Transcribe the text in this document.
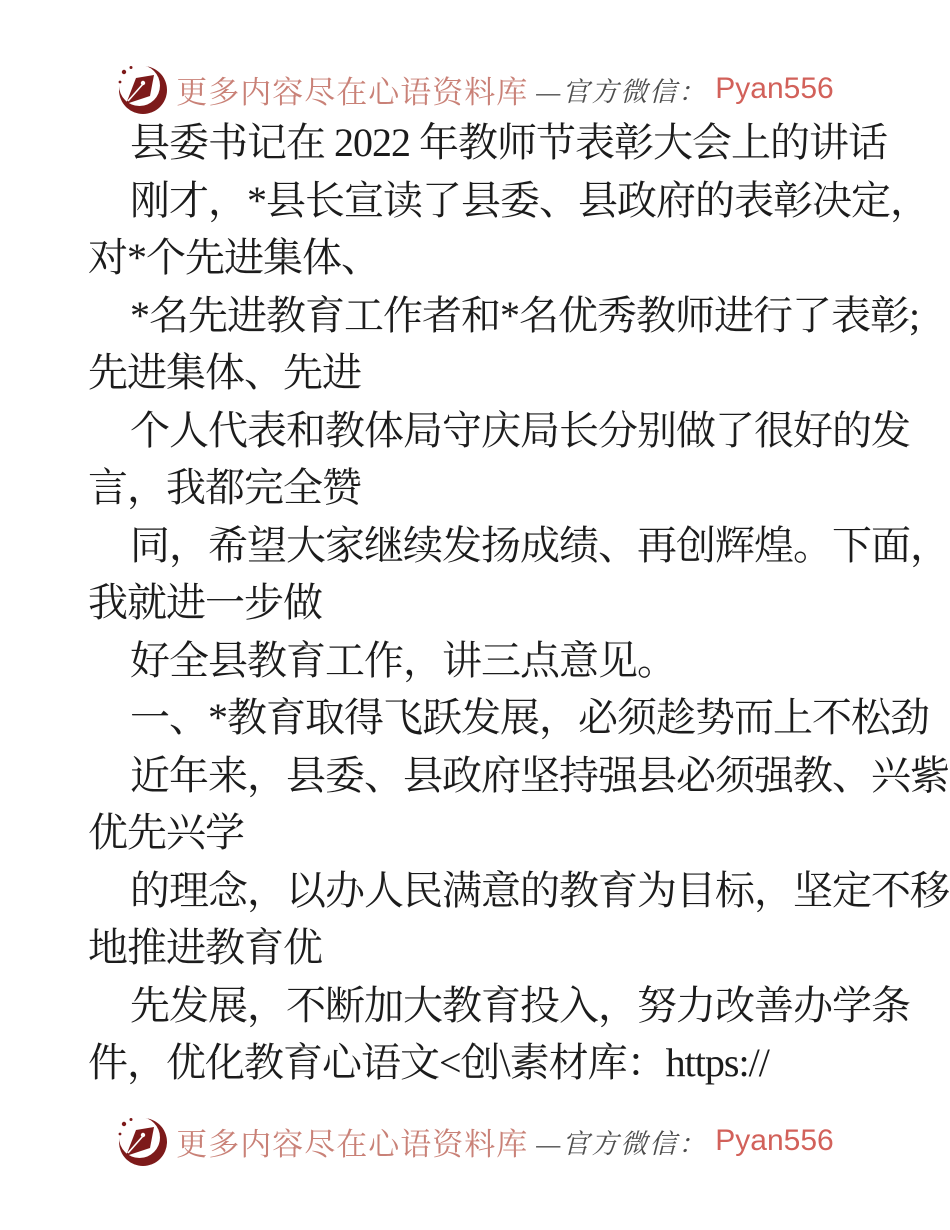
更多内容尽在心语资料库 —官方微信： Pyan556
县委书记在 2022 年教师节表彰大会上的讲话
刚才，*县长宣读了县委、县政府的表彰决定，
对*个先进集体、
*名先进教育工作者和*名优秀教师进行了表彰;
先进集体、先进
个人代表和教体局守庆局长分别做了很好的发
言，我都完全赞
同，希望大家继续发扬成绩、再创辉煌。下面，
我就进一步做
好全县教育工作，讲三点意见。
一、*教育取得飞跃发展，必须趁势而上不松劲
近年来，县委、县政府坚持强县必须强教、兴紫
优先兴学
的理念，以办人民满意的教育为目标，坚定不移
地推进教育优
先发展，不断加大教育投入，努力改善办学条
件，优化教育心语文<创\素材库：https://
更多内容尽在心语资料库 —官方微信： Pyan556
